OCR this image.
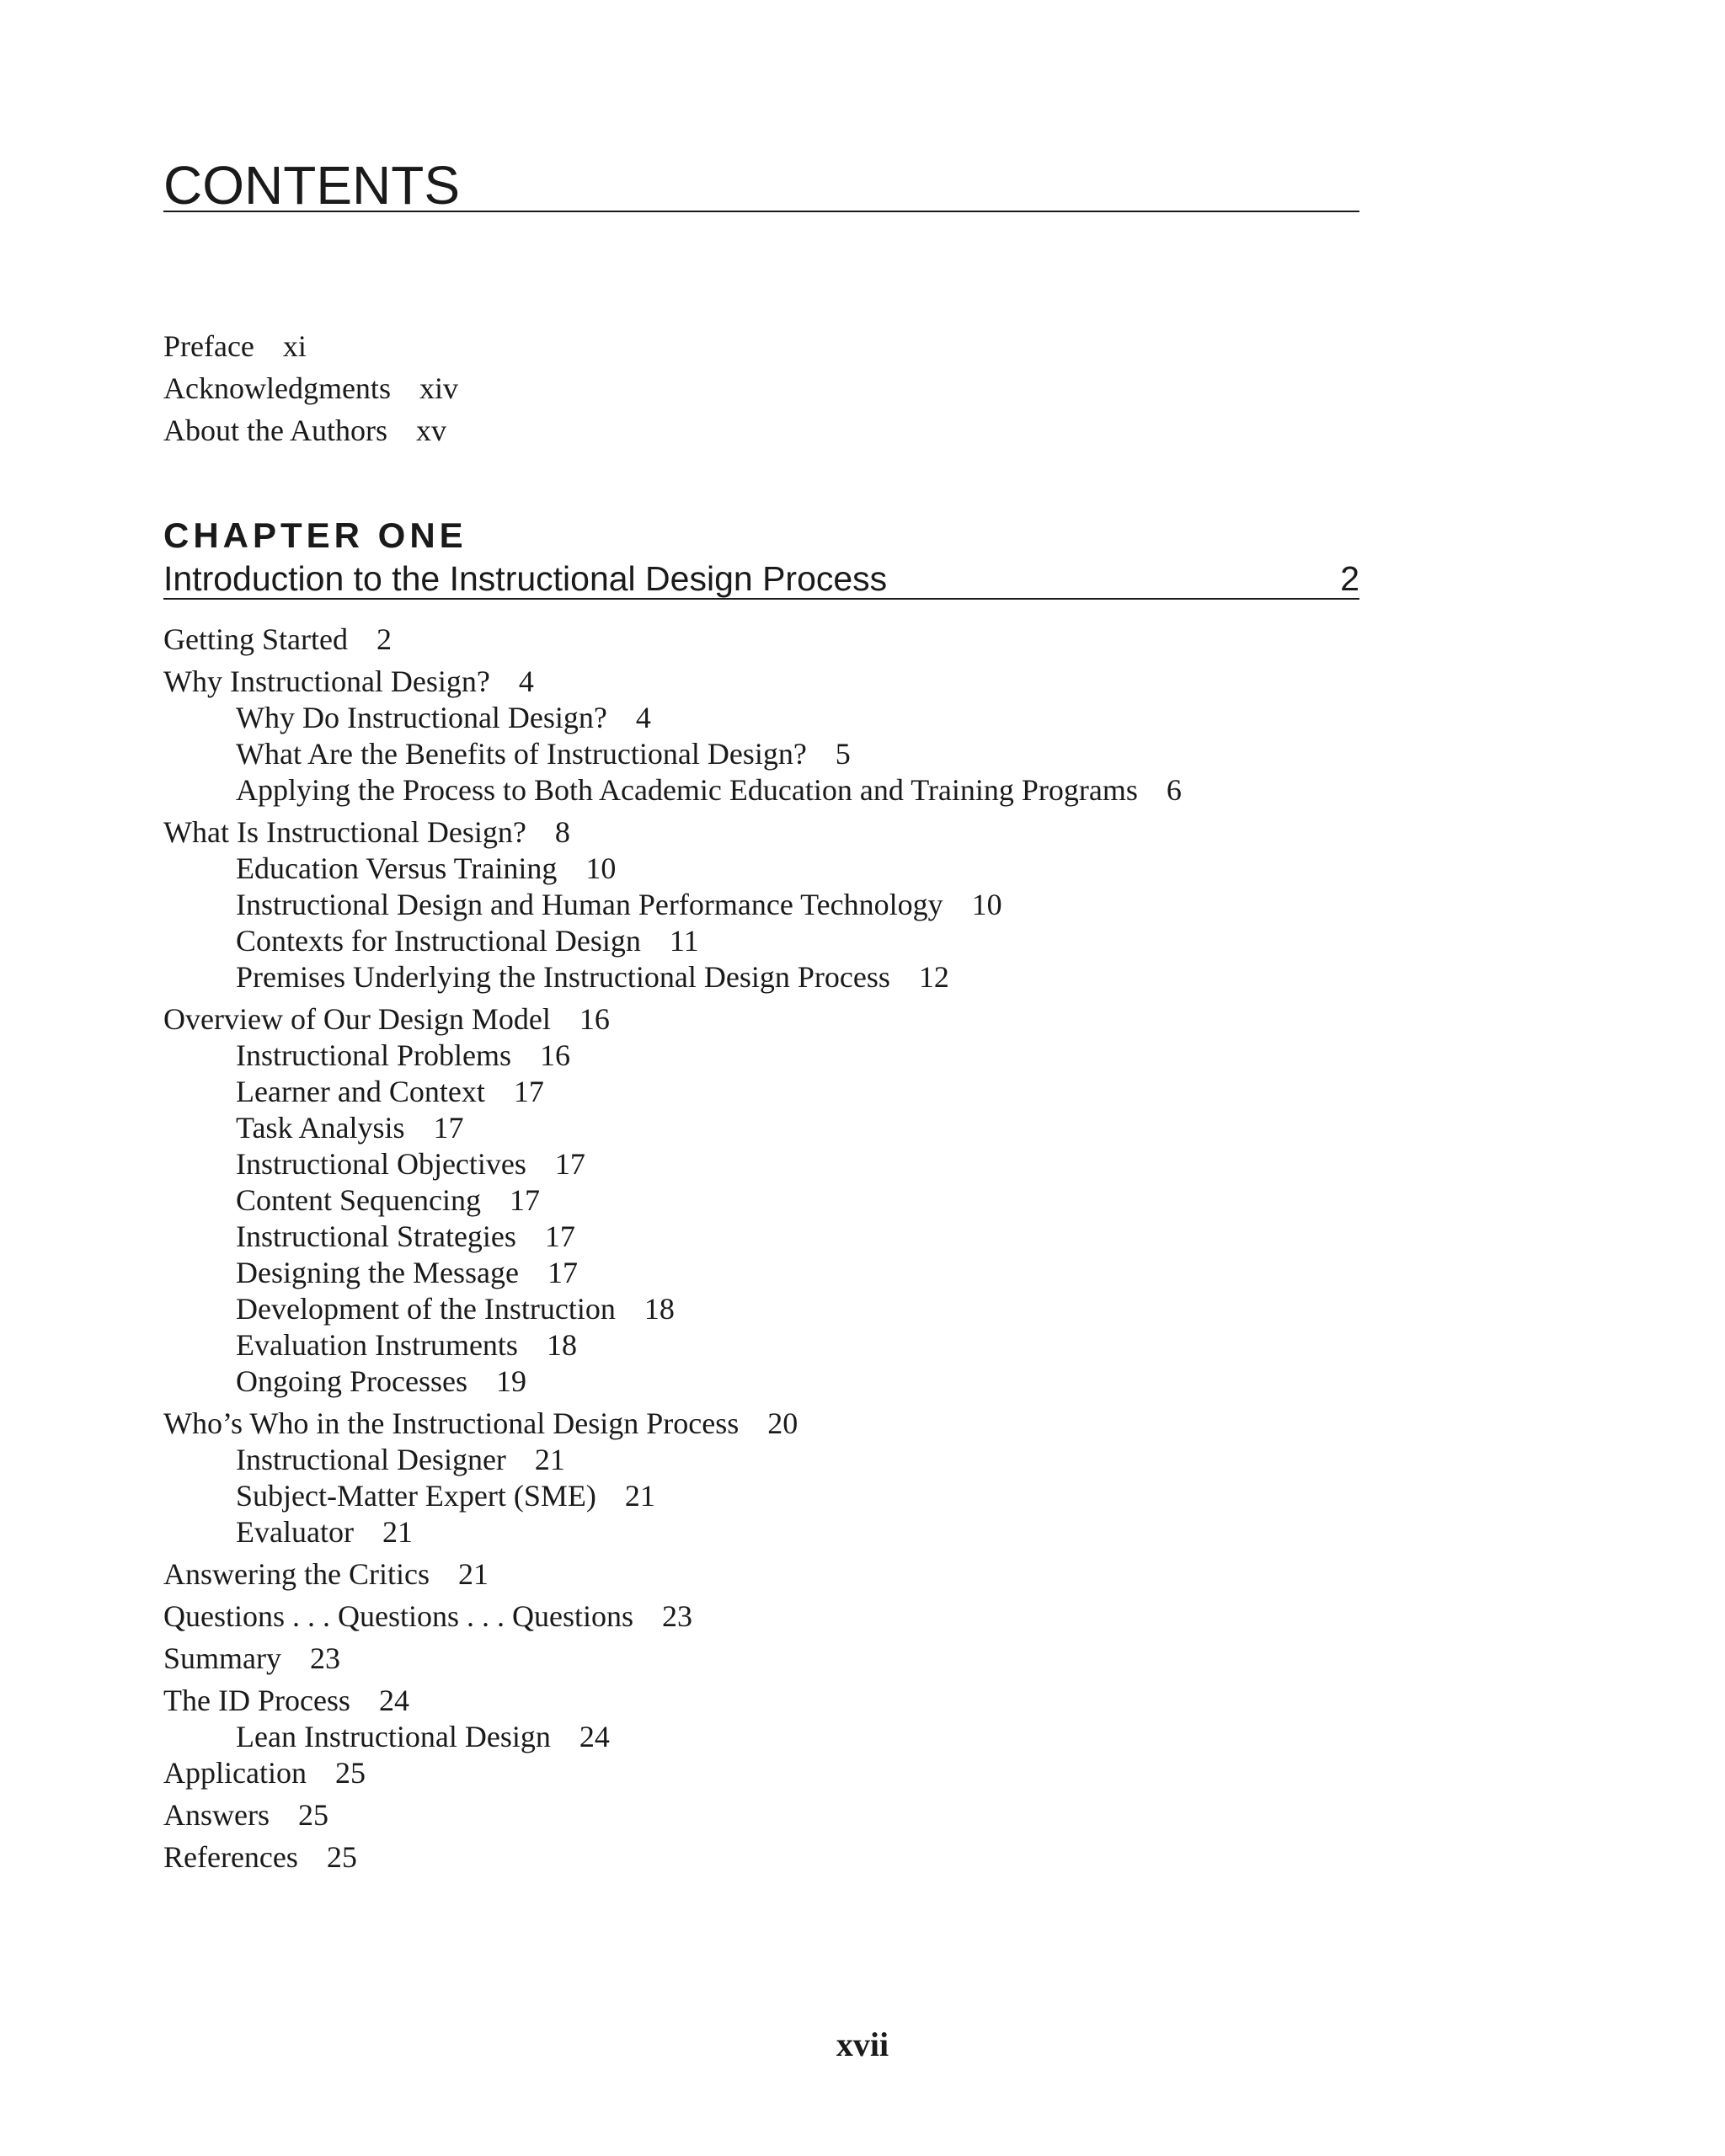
CONTENTS
Preface xi
Acknowledgments xiv
About the Authors xv
CHAPTER ONE
Introduction to the Instructional Design Process	2
Getting Started 2
Why Instructional Design? 4
Why Do Instructional Design? 4
What Are the Benefits of Instructional Design? 5
Applying the Process to Both Academic Education and Training Programs 6
What Is Instructional Design? 8
Education Versus Training 10
Instructional Design and Human Performance Technology 10
Contexts for Instructional Design 11
Premises Underlying the Instructional Design Process 12
Overview of Our Design Model 16
Instructional Problems 16
Learner and Context 17
Task Analysis 17
Instructional Objectives 17
Content Sequencing 17
Instructional Strategies 17
Designing the Message 17
Development of the Instruction 18
Evaluation Instruments 18
Ongoing Processes 19
Who’s Who in the Instructional Design Process 20
Instructional Designer 21
Subject-Matter Expert (SME) 21
Evaluator 21
Answering the Critics 21
Questions . . . Questions . . . Questions 23
Summary 23
The ID Process 24
Lean Instructional Design 24
Application 25
Answers 25
References 25
xvii
